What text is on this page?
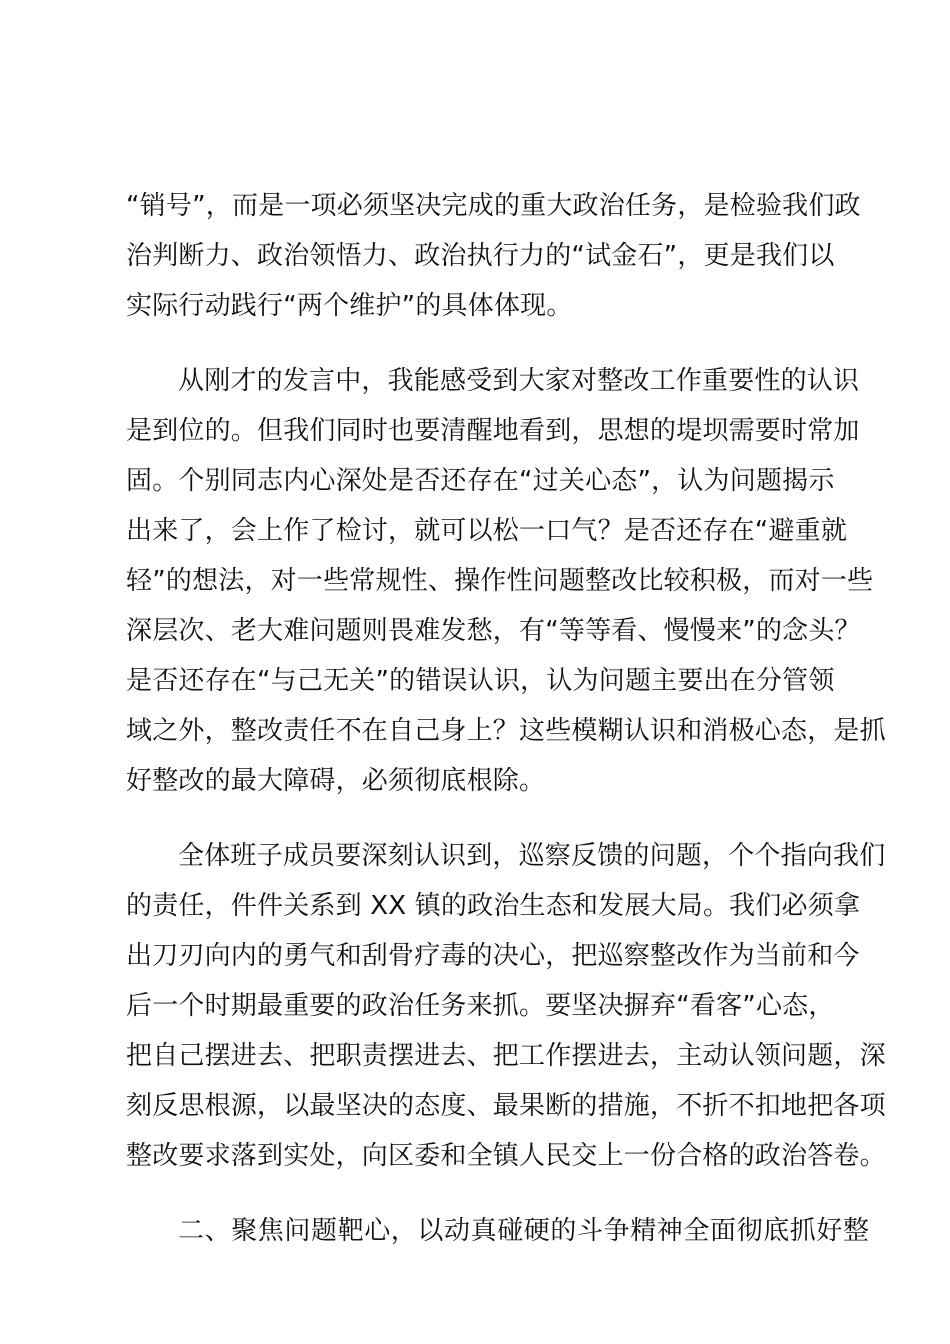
“销号”，而是一项必须坚决完成的重大政治任务，是检验我们政
治判断力、政治领悟力、政治执行力的“试金石”，更是我们以
实际行动践行“两个维护”的具体体现。
从刚才的发言中，我能感受到大家对整改工作重要性的认识
是到位的。但我们同时也要清醒地看到，思想的堤坝需要时常加
固。个别同志内心深处是否还存在“过关心态”，认为问题揭示
出来了，会上作了检讨，就可以松一口气？是否还存在“避重就
轻”的想法，对一些常规性、操作性问题整改比较积极，而对一些
深层次、老大难问题则畏难发愁，有“等等看、慢慢来”的念头？
是否还存在“与己无关”的错误认识，认为问题主要出在分管领
域之外，整改责任不在自己身上？这些模糊认识和消极心态，是抓
好整改的最大障碍，必须彻底根除。
全体班子成员要深刻认识到，巡察反馈的问题，个个指向我们
的责任，件件关系到 XX 镇的政治生态和发展大局。我们必须拿
出刀刃向内的勇气和刮骨疗毒的决心，把巡察整改作为当前和今
后一个时期最重要的政治任务来抓。要坚决摒弃“看客”心态，
把自己摆进去、把职责摆进去、把工作摆进去，主动认领问题，深
刻反思根源，以最坚决的态度、最果断的措施，不折不扣地把各项
整改要求落到实处，向区委和全镇人民交上一份合格的政治答卷。
二、聚焦问题靶心，以动真碰硬的斗争精神全面彻底抓好整
